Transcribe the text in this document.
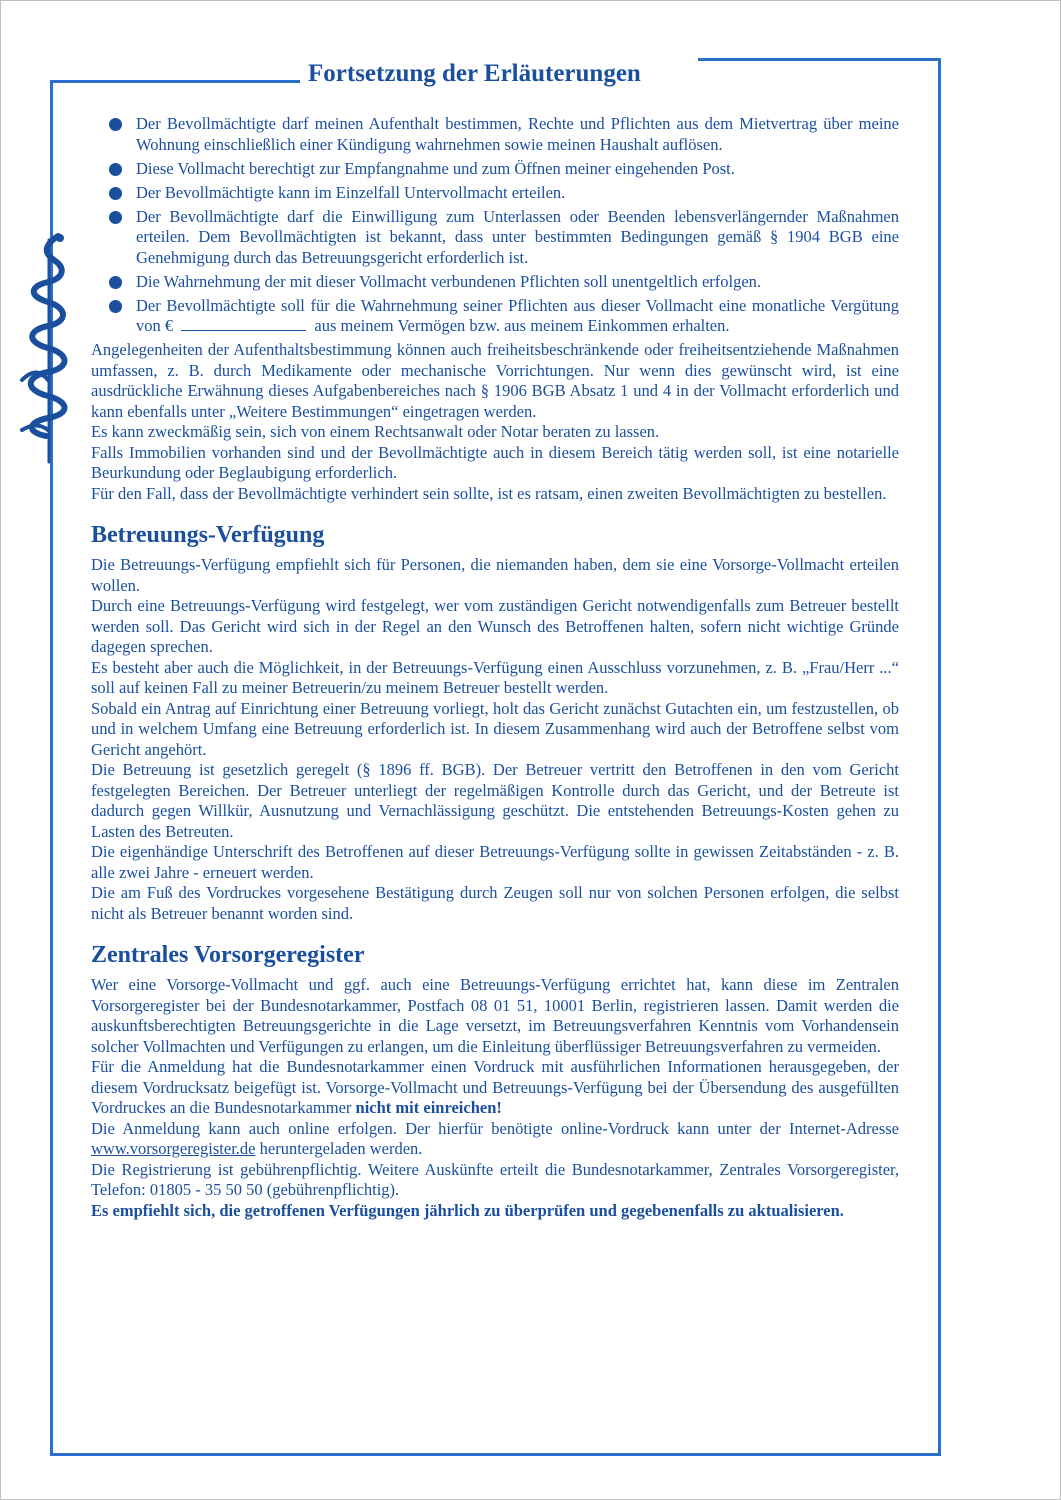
Fortsetzung der Erläuterungen
Der Bevollmächtigte darf meinen Aufenthalt bestimmen, Rechte und Pflichten aus dem Mietvertrag über meine Wohnung einschließlich einer Kündigung wahrnehmen sowie meinen Haushalt auflösen.
Diese Vollmacht berechtigt zur Empfangnahme und zum Öffnen meiner eingehenden Post.
Der Bevollmächtigte kann im Einzelfall Untervollmacht erteilen.
Der Bevollmächtigte darf die Einwilligung zum Unterlassen oder Beenden lebensverlängernder Maßnahmen erteilen. Dem Bevollmächtigten ist bekannt, dass unter bestimmten Bedingungen gemäß § 1904 BGB eine Genehmigung durch das Betreuungsgericht erforderlich ist.
Die Wahrnehmung der mit dieser Vollmacht verbundenen Pflichten soll unentgeltlich erfolgen.
Der Bevollmächtigte soll für die Wahrnehmung seiner Pflichten aus dieser Vollmacht eine monatliche Vergütung von €	aus meinem Vermögen bzw. aus meinem Einkommen erhalten.

Angelegenheiten der Aufenthaltsbestimmung können auch freiheitsbeschränkende oder freiheitsentziehende Maßnahmen umfassen, z. B. durch Medikamente oder mechanische Vorrichtungen. Nur wenn dies gewünscht wird, ist eine ausdrückliche Erwähnung dieses Aufgabenbereiches nach § 1906 BGB Absatz 1 und 4 in der Vollmacht erforderlich und kann ebenfalls unter „Weitere Bestimmungen“ eingetragen werden.

Es kann zweckmäßig sein, sich von einem Rechtsanwalt oder Notar beraten zu lassen.

Falls Immobilien vorhanden sind und der Bevollmächtigte auch in diesem Bereich tätig werden soll, ist eine notarielle Beurkundung oder Beglaubigung erforderlich.

Für den Fall, dass der Bevollmächtigte verhindert sein sollte, ist es ratsam, einen zweiten Bevollmächtigten zu bestellen.

Betreuungs-Verfügung

Die Betreuungs-Verfügung empfiehlt sich für Personen, die niemanden haben, dem sie eine Vorsorge-Vollmacht erteilen wollen.

Durch eine Betreuungs-Verfügung wird festgelegt, wer vom zuständigen Gericht notwendigenfalls zum Betreuer bestellt werden soll. Das Gericht wird sich in der Regel an den Wunsch des Betroffenen halten, sofern nicht wichtige Gründe dagegen sprechen.

Es besteht aber auch die Möglichkeit, in der Betreuungs-Verfügung einen Ausschluss vorzunehmen, z. B. „Frau/Herr ...“ soll auf keinen Fall zu meiner Betreuerin/zu meinem Betreuer bestellt werden.

Sobald ein Antrag auf Einrichtung einer Betreuung vorliegt, holt das Gericht zunächst Gutachten ein, um festzustellen, ob und in welchem Umfang eine Betreuung erforderlich ist. In diesem Zusammenhang wird auch der Betroffene selbst vom Gericht angehört.

Die Betreuung ist gesetzlich geregelt (§ 1896 ff. BGB). Der Betreuer vertritt den Betroffenen in den vom Gericht festgelegten Bereichen. Der Betreuer unterliegt der regelmäßigen Kontrolle durch das Gericht, und der Betreute ist dadurch gegen Willkür, Ausnutzung und Vernachlässigung geschützt. Die entstehenden Betreuungs-Kosten gehen zu Lasten des Betreuten.

Die eigenhändige Unterschrift des Betroffenen auf dieser Betreuungs-Verfügung sollte in gewissen Zeitabständen - z. B. alle zwei Jahre - erneuert werden.

Die am Fuß des Vordruckes vorgesehene Bestätigung durch Zeugen soll nur von solchen Personen erfolgen, die selbst nicht als Betreuer benannt worden sind.

Zentrales Vorsorgeregister

Wer eine Vorsorge-Vollmacht und ggf. auch eine Betreuungs-Verfügung errichtet hat, kann diese im Zentralen Vorsorgeregister bei der Bundesnotarkammer, Postfach 08 01 51, 10001 Berlin, registrieren lassen. Damit werden die auskunftsberechtigten Betreuungsgerichte in die Lage versetzt, im Betreuungsverfahren Kenntnis vom Vorhandensein solcher Vollmachten und Verfügungen zu erlangen, um die Einleitung überflüssiger Betreuungsverfahren zu vermeiden.

Für die Anmeldung hat die Bundesnotarkammer einen Vordruck mit ausführlichen Informationen herausgegeben, der diesem Vordrucksatz beigefügt ist. Vorsorge-Vollmacht und Betreuungs-Verfügung bei der Übersendung des ausgefüllten Vordruckes an die Bundesnotarkammer nicht mit einreichen!

Die Anmeldung kann auch online erfolgen. Der hierfür benötigte online-Vordruck kann unter der Internet-Adresse www.vorsorgeregister.de heruntergeladen werden.

Die Registrierung ist gebührenpflichtig. Weitere Auskünfte erteilt die Bundesnotarkammer, Zentrales Vorsorgeregister, Telefon: 01805 - 35 50 50 (gebührenpflichtig).

Es empfiehlt sich, die getroffenen Verfügungen jährlich zu überprüfen und gegebenenfalls zu aktualisieren.
